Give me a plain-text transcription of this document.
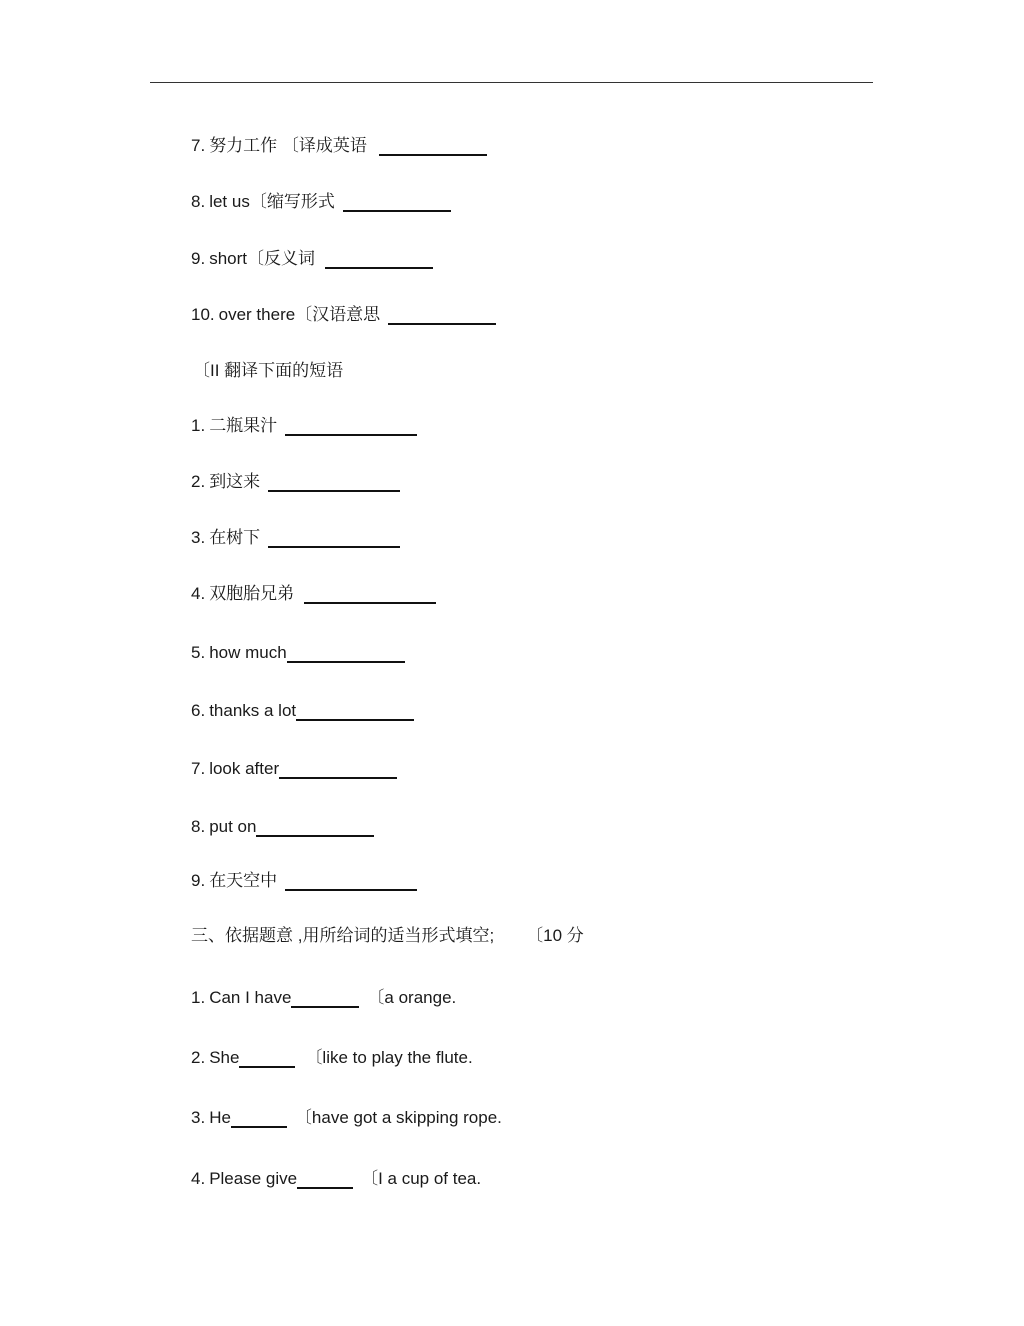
7. 努力工作 〔译成英语
8. let us〔缩写形式
9. short〔反义词
10. over there〔汉语意思
〔II 翻译下面的短语
1. 二瓶果汁
2. 到这来
3. 在树下
4. 双胞胎兄弟
5. how much
6. thanks a lot
7. look after
8. put on
9. 在天空中
三、依据题意 ,用所给词的适当形式填空; 〔10 分
1. Can I have	〔a orange.
2. She	〔like to play the flute.
3. He	〔have got a skipping rope.
4. Please give	〔I a cup of tea.
